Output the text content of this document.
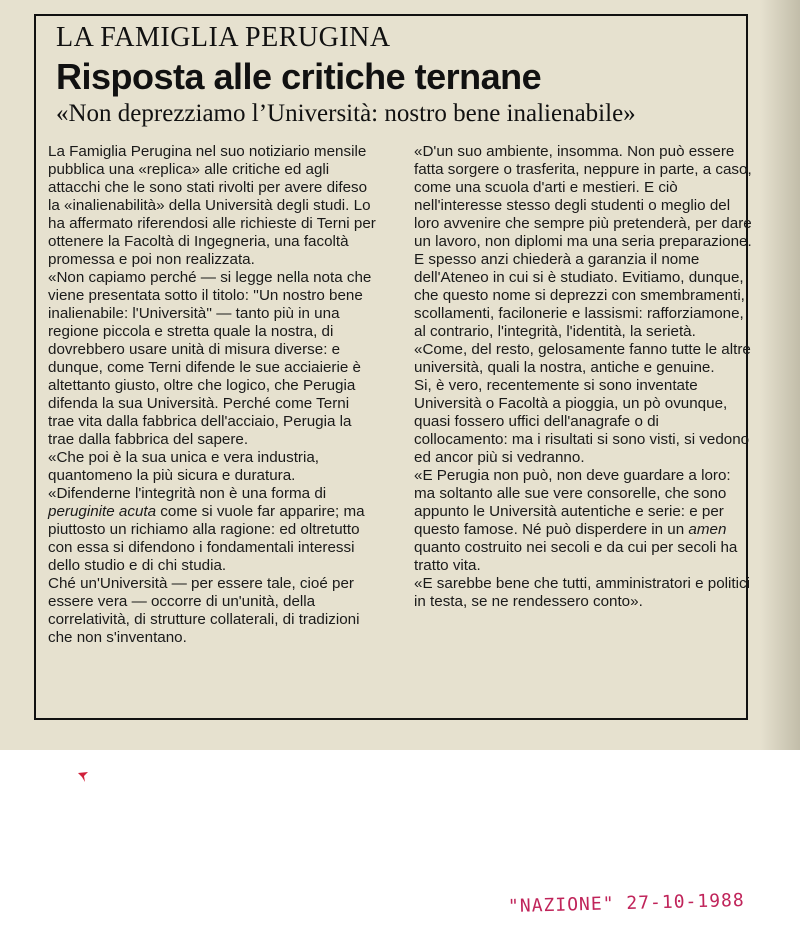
LA FAMIGLIA PERUGINA
Risposta alle critiche ternane
«Non deprezziamo l’Università: nostro bene inalienabile»

La Famiglia Perugina nel suo notiziario mensile pubblica una «replica» alle critiche ed agli attacchi che le sono stati rivolti per avere difeso la «inalienabilità» della Università degli studi. Lo ha affermato riferendosi alle richieste di Terni per ottenere la Facoltà di Ingegneria, una facoltà promessa e poi non realizzata.

«Non capiamo perché — si legge nella nota che viene presentata sotto il titolo: ''Un nostro bene inalienabile: l'Università'' — tanto più in una regione piccola e stretta quale la nostra, di dovrebbero usare unità di misura diverse: e dunque, come Terni difende le sue acciaierie è altettanto giusto, oltre che logico, che Perugia difenda la sua Università. Perché come Terni trae vita dalla fabbrica dell'acciaio, Perugia la trae dalla fabbrica del sapere.

«Che poi è la sua unica e vera industria, quantomeno la più sicura e duratura.

«Difenderne l'integrità non è una forma di peruginite acuta come si vuole far apparire; ma piuttosto un richiamo alla ragione: ed oltretutto con essa si difendono i fondamentali interessi dello studio e di chi studia.

Ché un'Università — per essere tale, cioé per essere vera — occorre di un'unità, della correlatività, di strutture collaterali, di tradizioni che non s'inventano.

«D'un suo ambiente, insomma. Non può essere fatta sorgere o trasferita, neppure in parte, a caso, come una scuola d'arti e mestieri. E ciò nell'interesse stesso degli studenti o meglio del loro avvenire che sempre più pretenderà, per dare un lavoro, non diplomi ma una seria preparazione.

E spesso anzi chiederà a garanzia il nome dell'Ateneo in cui si è studiato. Evitiamo, dunque, che questo nome si deprezzi con smembramenti, scollamenti, facilonerie e lassismi: rafforziamone, al contrario, l'integrità, l'identità, la serietà.

«Come, del resto, gelosamente fanno tutte le altre università, quali la nostra, antiche e genuine.

Si, è vero, recentemente si sono inventate Università o Facoltà a pioggia, un pò ovunque, quasi fossero uffici dell'anagrafe o di collocamento: ma i risultati si sono visti, si vedono ed ancor più si vedranno.

«E Perugia non può, non deve guardare a loro: ma soltanto alle sue vere consorelle, che sono appunto le Università autentiche e serie: e per questo famose. Né può disperdere in un amen quanto costruito nei secoli e da cui per secoli ha tratto vita.

«E sarebbe bene che tutti, amministratori e politici in testa, se ne rendessero conto».

"NAZIONE" 27-10-1988
